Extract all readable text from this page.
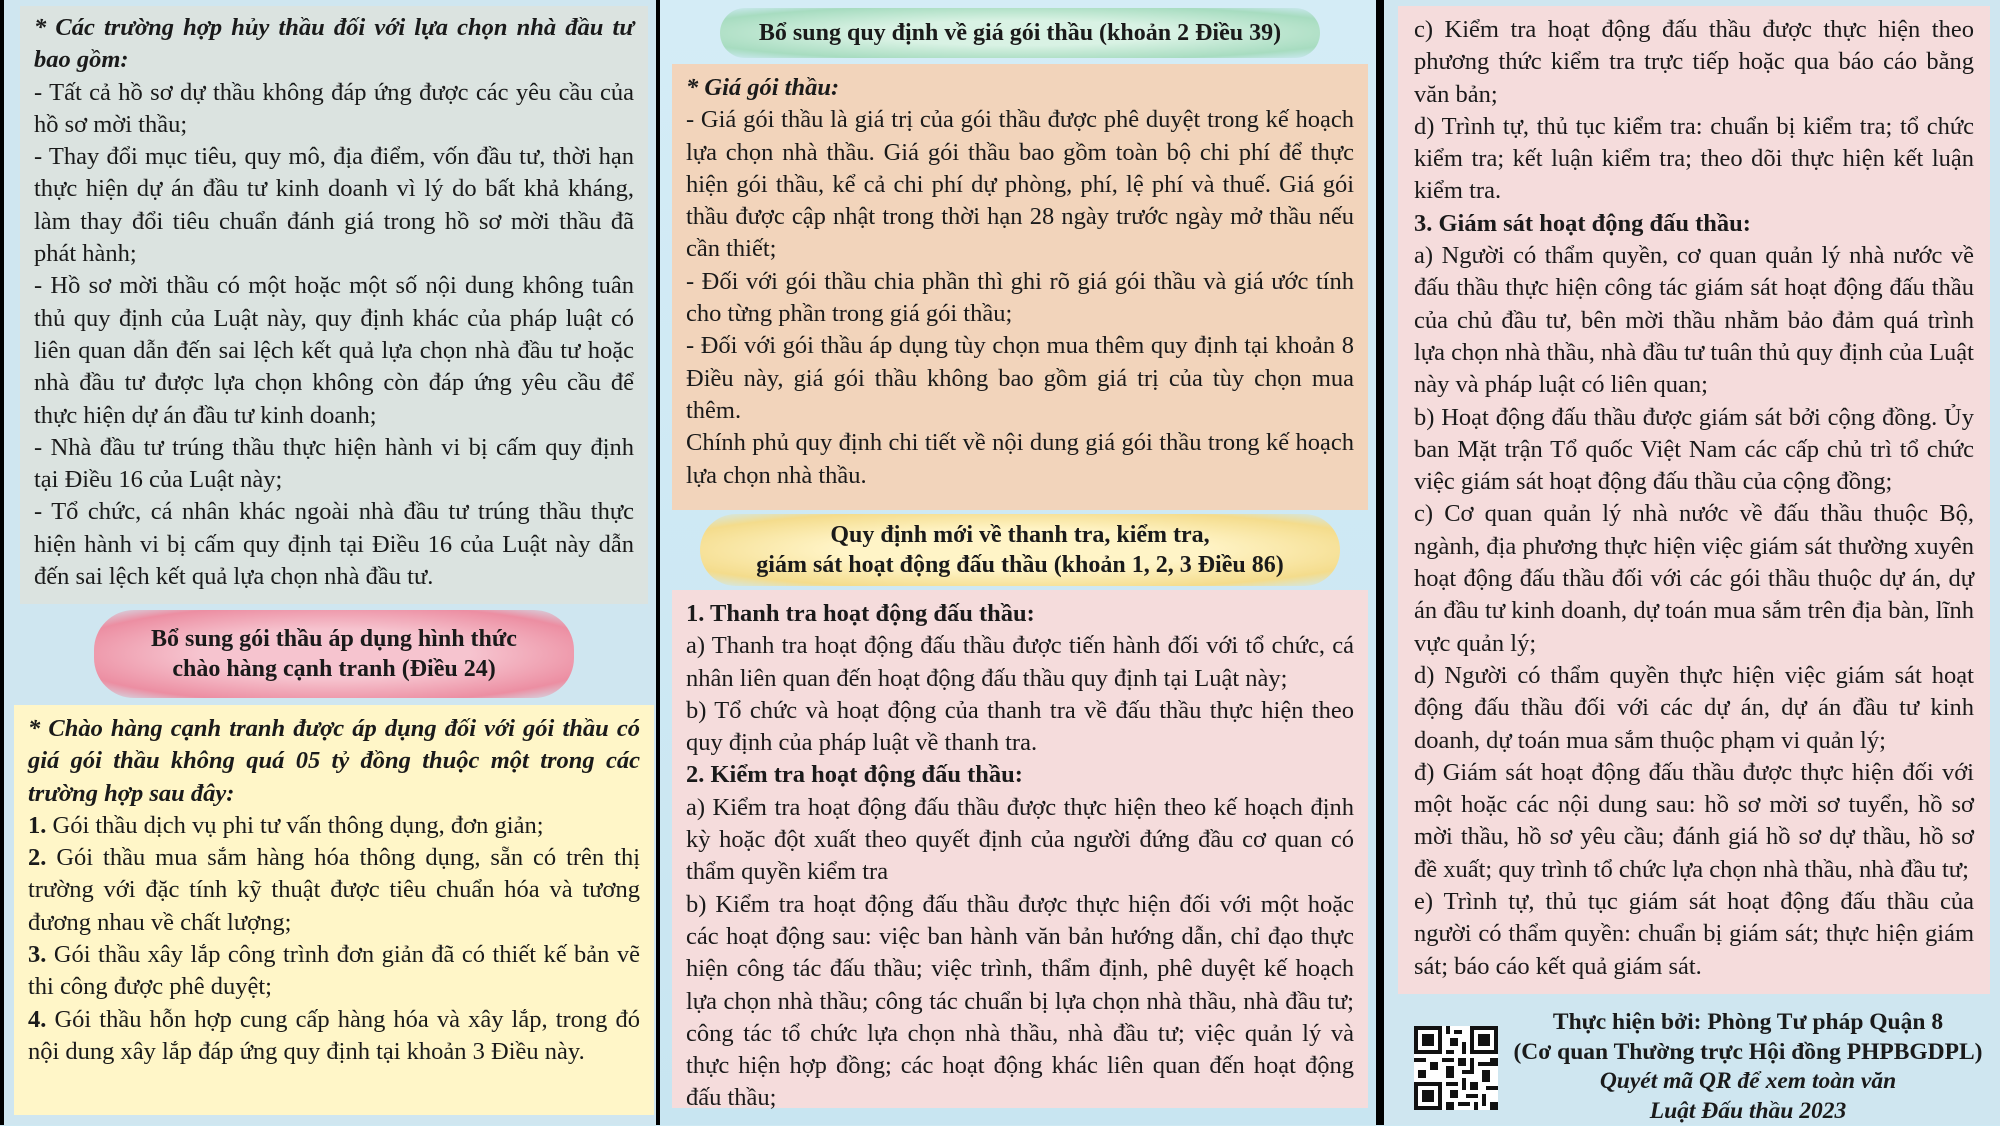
* Các trường hợp hủy thầu đối với lựa chọn nhà đầu tư bao gồm:

- Tất cả hồ sơ dự thầu không đáp ứng được các yêu cầu của hồ sơ mời thầu;

- Thay đổi mục tiêu, quy mô, địa điểm, vốn đầu tư, thời hạn thực hiện dự án đầu tư kinh doanh vì lý do bất khả kháng, làm thay đổi tiêu chuẩn đánh giá trong hồ sơ mời thầu đã phát hành;

- Hồ sơ mời thầu có một hoặc một số nội dung không tuân thủ quy định của Luật này, quy định khác của pháp luật có liên quan dẫn đến sai lệch kết quả lựa chọn nhà đầu tư hoặc nhà đầu tư được lựa chọn không còn đáp ứng yêu cầu để thực hiện dự án đầu tư kinh doanh;

- Nhà đầu tư trúng thầu thực hiện hành vi bị cấm quy định tại Điều 16 của Luật này;

- Tổ chức, cá nhân khác ngoài nhà đầu tư trúng thầu thực hiện hành vi bị cấm quy định tại Điều 16 của Luật này dẫn đến sai lệch kết quả lựa chọn nhà đầu tư.

Bổ sung gói thầu áp dụng hình thức
chào hàng cạnh tranh (Điều 24)

* Chào hàng cạnh tranh được áp dụng đối với gói thầu có giá gói thầu không quá 05 tỷ đồng thuộc một trong các trường hợp sau đây:

1. Gói thầu dịch vụ phi tư vấn thông dụng, đơn giản;

2. Gói thầu mua sắm hàng hóa thông dụng, sẵn có trên thị trường với đặc tính kỹ thuật được tiêu chuẩn hóa và tương đương nhau về chất lượng;

3. Gói thầu xây lắp công trình đơn giản đã có thiết kế bản vẽ thi công được phê duyệt;

4. Gói thầu hỗn hợp cung cấp hàng hóa và xây lắp, trong đó nội dung xây lắp đáp ứng quy định tại khoản 3 Điều này.

Bổ sung quy định về giá gói thầu (khoản 2 Điều 39)

* Giá gói thầu:

- Giá gói thầu là giá trị của gói thầu được phê duyệt trong kế hoạch lựa chọn nhà thầu. Giá gói thầu bao gồm toàn bộ chi phí để thực hiện gói thầu, kể cả chi phí dự phòng, phí, lệ phí và thuế. Giá gói thầu được cập nhật trong thời hạn 28 ngày trước ngày mở thầu nếu cần thiết;

- Đối với gói thầu chia phần thì ghi rõ giá gói thầu và giá ước tính cho từng phần trong giá gói thầu;

- Đối với gói thầu áp dụng tùy chọn mua thêm quy định tại khoản 8 Điều này, giá gói thầu không bao gồm giá trị của tùy chọn mua thêm.

Chính phủ quy định chi tiết về nội dung giá gói thầu trong kế hoạch lựa chọn nhà thầu.

Quy định mới về thanh tra, kiểm tra,
giám sát hoạt động đấu thầu (khoản 1, 2, 3 Điều 86)

1. Thanh tra hoạt động đấu thầu:

a) Thanh tra hoạt động đấu thầu được tiến hành đối với tổ chức, cá nhân liên quan đến hoạt động đấu thầu quy định tại Luật này;

b) Tổ chức và hoạt động của thanh tra về đấu thầu thực hiện theo quy định của pháp luật về thanh tra.

2. Kiểm tra hoạt động đấu thầu:

a) Kiểm tra hoạt động đấu thầu được thực hiện theo kế hoạch định kỳ hoặc đột xuất theo quyết định của người đứng đầu cơ quan có thẩm quyền kiểm tra

b) Kiểm tra hoạt động đấu thầu được thực hiện đối với một hoặc các hoạt động sau: việc ban hành văn bản hướng dẫn, chỉ đạo thực hiện công tác đấu thầu; việc trình, thẩm định, phê duyệt kế hoạch lựa chọn nhà thầu; công tác chuẩn bị lựa chọn nhà thầu, nhà đầu tư; công tác tổ chức lựa chọn nhà thầu, nhà đầu tư; việc quản lý và thực hiện hợp đồng; các hoạt động khác liên quan đến hoạt động đấu thầu;

c) Kiểm tra hoạt động đấu thầu được thực hiện theo phương thức kiểm tra trực tiếp hoặc qua báo cáo bằng văn bản;

d) Trình tự, thủ tục kiểm tra: chuẩn bị kiểm tra; tổ chức kiểm tra; kết luận kiểm tra; theo dõi thực hiện kết luận kiểm tra.

3. Giám sát hoạt động đấu thầu:

a) Người có thẩm quyền, cơ quan quản lý nhà nước về đấu thầu thực hiện công tác giám sát hoạt động đấu thầu của chủ đầu tư, bên mời thầu nhằm bảo đảm quá trình lựa chọn nhà thầu, nhà đầu tư tuân thủ quy định của Luật này và pháp luật có liên quan;

b) Hoạt động đấu thầu được giám sát bởi cộng đồng. Ủy ban Mặt trận Tổ quốc Việt Nam các cấp chủ trì tổ chức việc giám sát hoạt động đấu thầu của cộng đồng;

c) Cơ quan quản lý nhà nước về đấu thầu thuộc Bộ, ngành, địa phương thực hiện việc giám sát thường xuyên hoạt động đấu thầu đối với các gói thầu thuộc dự án, dự án đầu tư kinh doanh, dự toán mua sắm trên địa bàn, lĩnh vực quản lý;

d) Người có thẩm quyền thực hiện việc giám sát hoạt động đấu thầu đối với các dự án, dự án đầu tư kinh doanh, dự toán mua sắm thuộc phạm vi quản lý;

đ) Giám sát hoạt động đấu thầu được thực hiện đối với một hoặc các nội dung sau: hồ sơ mời sơ tuyển, hồ sơ mời thầu, hồ sơ yêu cầu; đánh giá hồ sơ dự thầu, hồ sơ đề xuất; quy trình tổ chức lựa chọn nhà thầu, nhà đầu tư;

e) Trình tự, thủ tục giám sát hoạt động đấu thầu của người có thẩm quyền: chuẩn bị giám sát; thực hiện giám sát; báo cáo kết quả giám sát.

Thực hiện bởi: Phòng Tư pháp Quận 8
(Cơ quan Thường trực Hội đồng PHPBGDPL)
Quyét mã QR để xem toàn văn
Luật Đấu thầu 2023
